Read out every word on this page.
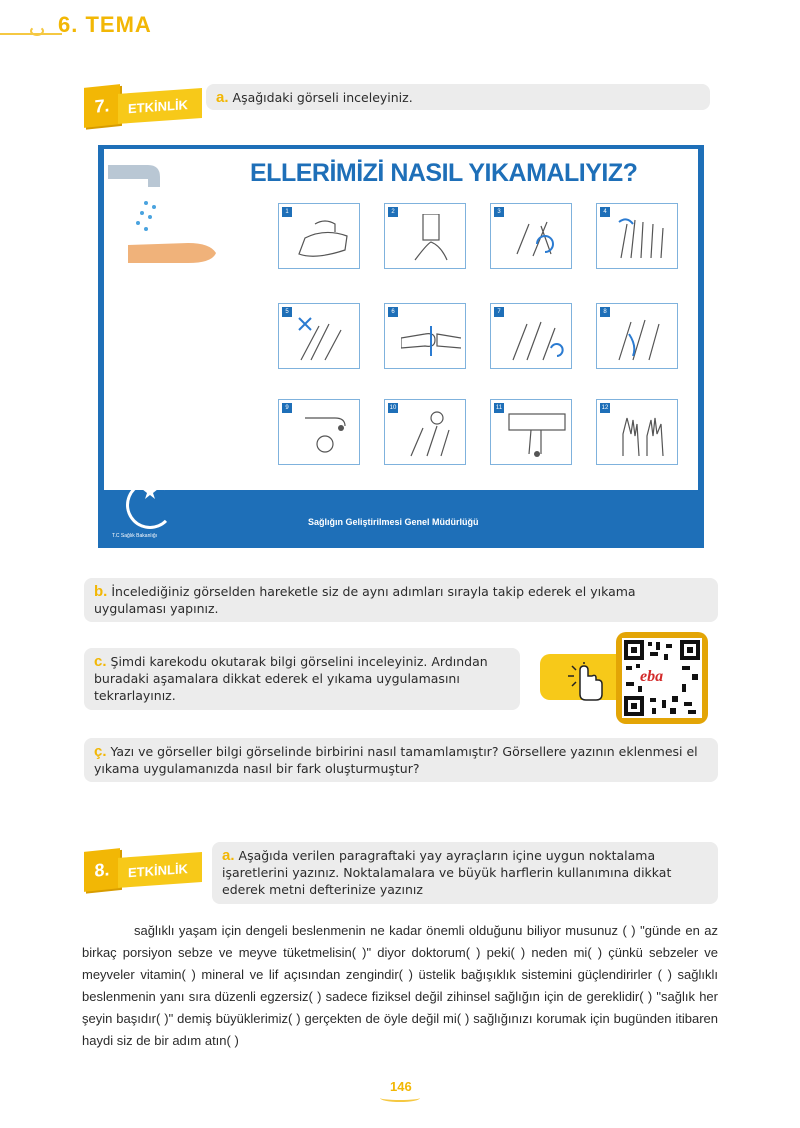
6. TEMA
7.	ETKİNLİK	a. Aşağıdaki görseli inceleyiniz.
ELLERİMİZİ NASIL YIKAMALIYIZ?
1	2	3	4
5	6	7	8
9	10	11	12
T.C Sağlık Bakanlığı
Sağlığın Geliştirilmesi Genel Müdürlüğü
b. İncelediğiniz görselden hareketle siz de aynı adımları sırayla takip ederek el yıkama uygulaması yapınız.
c. Şimdi karekodu okutarak bilgi görselini inceleyiniz. Ardından buradaki aşamalara dikkat ederek el yıkama uygulamasını tekrarlayınız.
eba
ç. Yazı ve görseller bilgi görselinde birbirini nasıl tamamlamıştır? Görsellere yazının eklenmesi el yıkama uygulamanızda nasıl bir fark oluşturmuştur?
8.	ETKİNLİK
a. Aşağıda verilen paragraftaki yay ayraçların içine uygun noktalama işaretlerini yazınız. Noktalamalara ve büyük harflerin kullanımına dikkat ederek metni defterinize yazınız

sağlıklı yaşam için dengeli beslenmenin ne kadar önemli olduğunu biliyor musunuz ( ) "günde en az birkaç porsiyon sebze ve meyve tüketmelisin( )" diyor doktorum( ) peki( ) neden mi( ) çünkü sebzeler ve meyveler vitamin( ) mineral ve lif açısından zengindir( ) üstelik bağışıklık sistemini güçlendirirler ( ) sağlıklı beslenmenin yanı sıra düzenli egzersiz( ) sadece fiziksel değil zihinsel sağlığın için de gereklidir( ) "sağlık her şeyin başıdır( )" demiş büyüklerimiz( ) gerçekten de öyle değil mi( ) sağlığınızı korumak için bugünden itibaren haydi siz de bir adım atın( )

146
